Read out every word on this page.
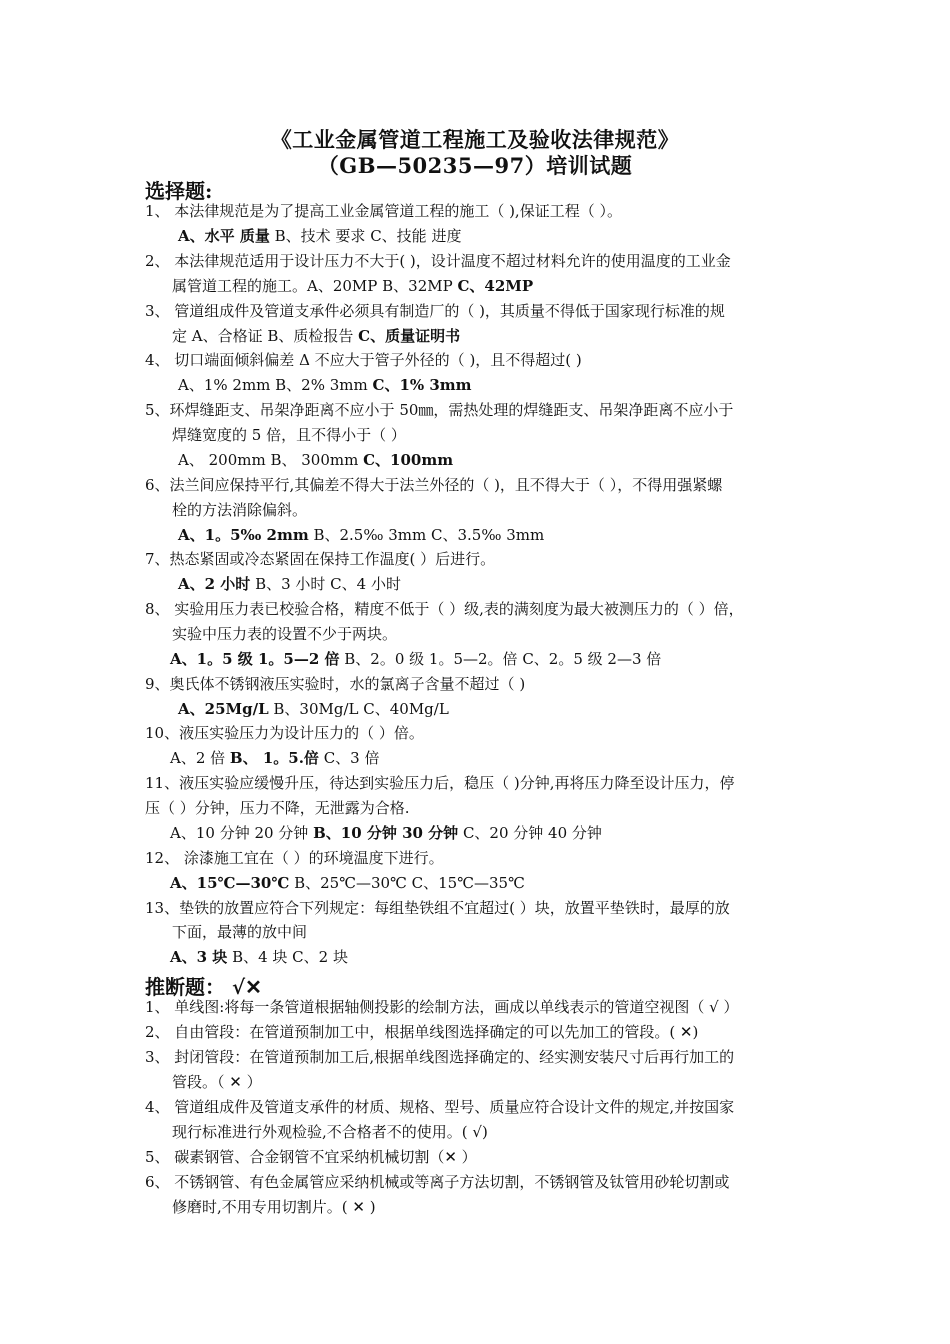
《工业金属管道工程施工及验收法律规范》
（GB—50235—97）培训试题
选择题:
1、 本法律规范是为了提高工业金属管道工程的施工（ ),保证工程（ ）。
A、水平 质量 B、技术 要求 C、技能 进度
2、 本法律规范适用于设计压力不大于( )，设计温度不超过材料允许的使用温度的工业金
属管道工程的施工。A、20MP B、32MP C、42MP
3、 管道组成件及管道支承件必须具有制造厂的（ )，其质量不得低于国家现行标准的规
定 A、合格证 B、质检报告 C、质量证明书
4、 切口端面倾斜偏差 Δ 不应大于管子外径的（ )，且不得超过( )
A、1% 2mm B、2% 3mm C、1% 3mm
5、环焊缝距支、吊架净距离不应小于 50㎜，需热处理的焊缝距支、吊架净距离不应小于
焊缝宽度的 5 倍，且不得小于（ ）
A、 200mm B、 300mm C、100mm
6、法兰间应保持平行,其偏差不得大于法兰外径的（ )，且不得大于（ ），不得用强紧螺
栓的方法消除偏斜。
A、1。5‰ 2mm B、2.5‰ 3mm C、3.5‰ 3mm
7、热态紧固或冷态紧固在保持工作温度( ）后进行。
A、2 小时 B、3 小时 C、4 小时
8、 实验用压力表已校验合格，精度不低于（ ）级,表的满刻度为最大被测压力的（ ）倍，
实验中压力表的设置不少于两块。
A、1。5 级 1。5—2 倍 B、2。0 级 1。5—2。倍 C、2。5 级 2—3 倍
9、奥氏体不锈钢液压实验时，水的氯离子含量不超过（ )
A、25Mg/L B、30Mg/L C、40Mg/L
10、液压实验压力为设计压力的（ ）倍。
A、2 倍 B、 1。5.倍 C、3 倍
11、液压实验应缓慢升压，待达到实验压力后，稳压（ )分钟,再将压力降至设计压力，停
压（ ）分钟，压力不降，无泄露为合格.
A、10 分钟 20 分钟 B、10 分钟 30 分钟 C、20 分钟 40 分钟
12、 涂漆施工宜在（ ）的环境温度下进行。
A、15℃—30℃ B、25℃—30℃ C、15℃—35℃
13、垫铁的放置应符合下列规定：每组垫铁组不宜超过( ）块，放置平垫铁时，最厚的放
下面，最薄的放中间
A、3 块 B、4 块 C、2 块
推断题： √✕
1、 单线图:将每一条管道根据轴侧投影的绘制方法，画成以单线表示的管道空视图（ √ ）
2、 自由管段：在管道预制加工中，根据单线图选择确定的可以先加工的管段。( ✕)
3、 封闭管段：在管道预制加工后,根据单线图选择确定的、经实测安装尺寸后再行加工的
管段。（ ✕ ）
4、 管道组成件及管道支承件的材质、规格、型号、质量应符合设计文件的规定,并按国家
现行标准进行外观检验,不合格者不的使用。( √)
5、 碳素钢管、合金钢管不宜采纳机械切割（✕ ）
6、 不锈钢管、有色金属管应采纳机械或等离子方法切割，不锈钢管及钛管用砂轮切割或
修磨时,不用专用切割片。( ✕ )
